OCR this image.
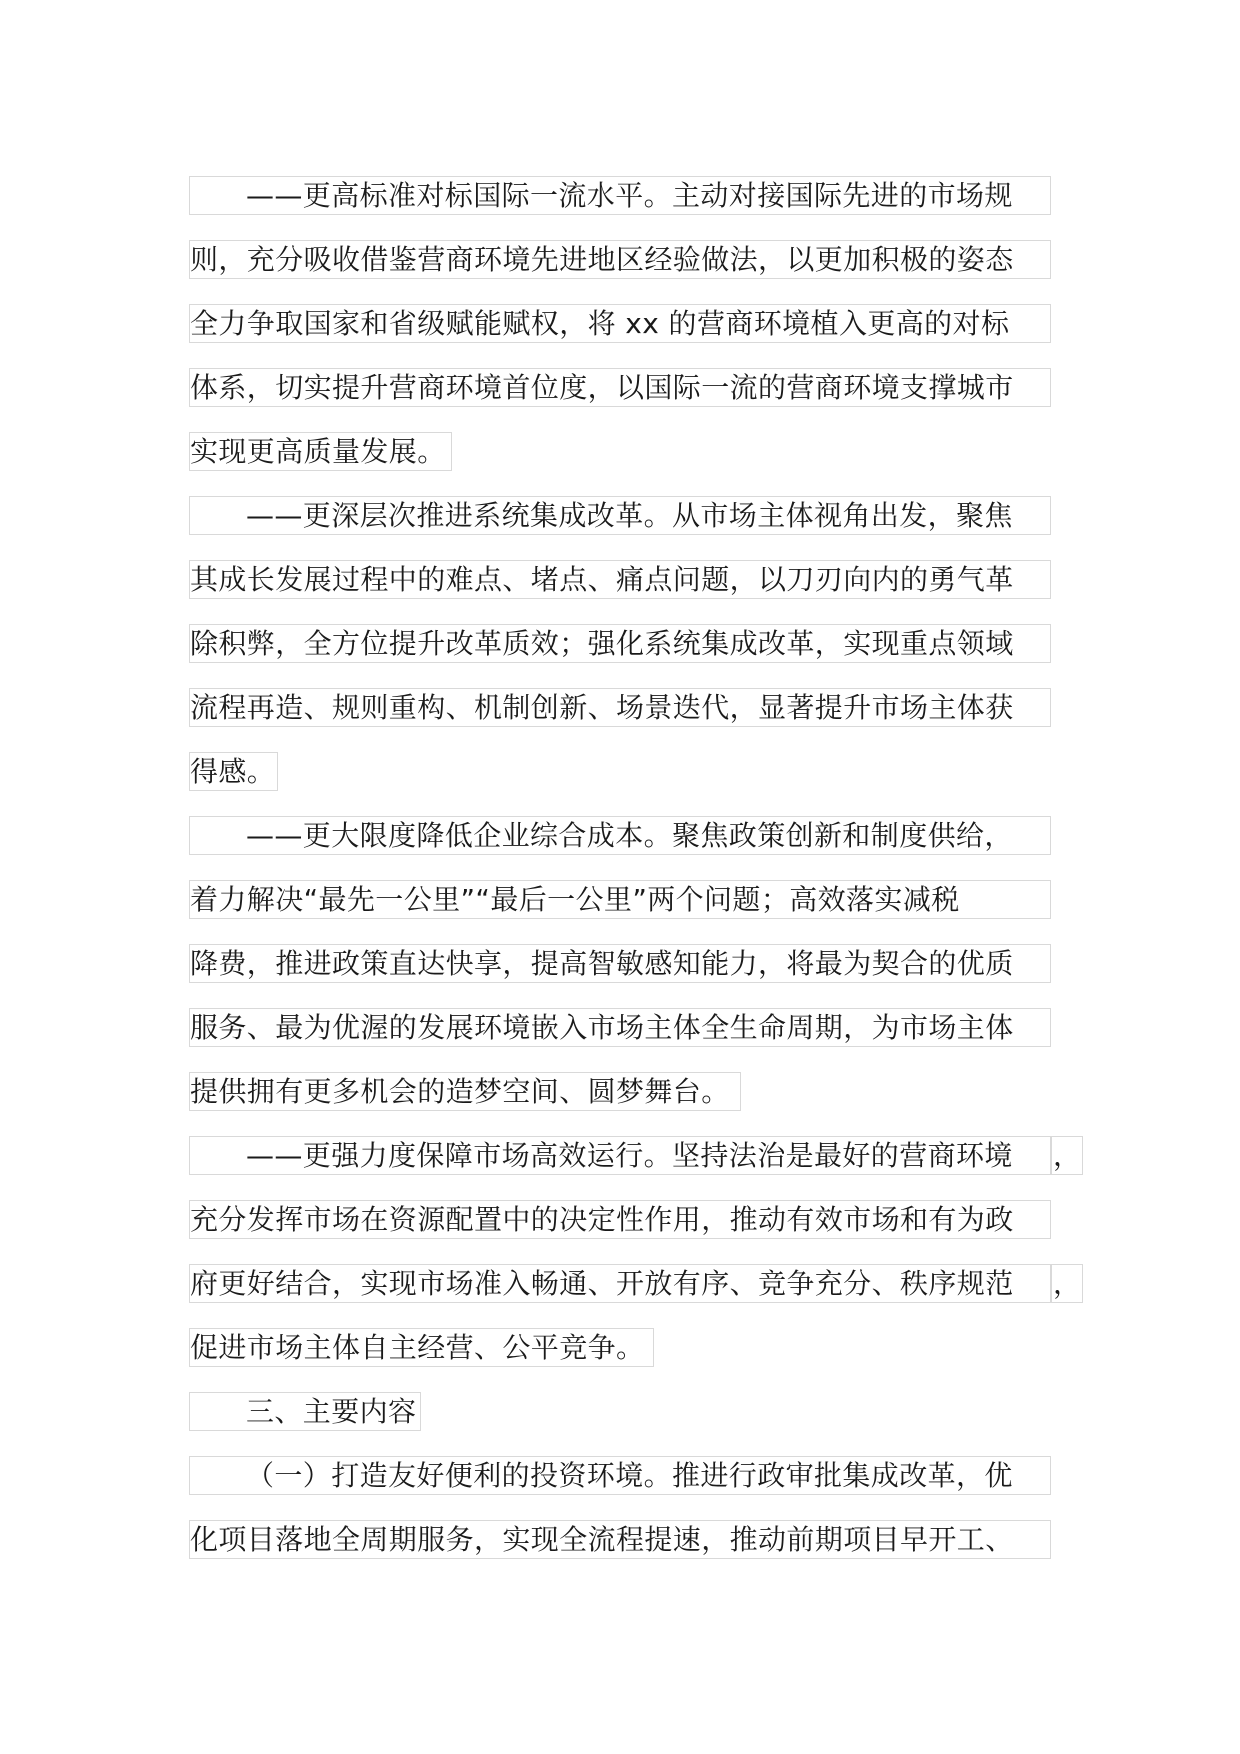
——更高标准对标国际一流水平。主动对接国际先进的市场规
则，充分吸收借鉴营商环境先进地区经验做法，以更加积极的姿态
全力争取国家和省级赋能赋权，将 xx 的营商环境植入更高的对标
体系，切实提升营商环境首位度，以国际一流的营商环境支撑城市
实现更高质量发展。
——更深层次推进系统集成改革。从市场主体视角出发，聚焦
其成长发展过程中的难点、堵点、痛点问题，以刀刃向内的勇气革
除积弊，全方位提升改革质效；强化系统集成改革，实现重点领域
流程再造、规则重构、机制创新、场景迭代，显著提升市场主体获
得感。
——更大限度降低企业综合成本。聚焦政策创新和制度供给，
着力解决“最先一公里”“最后一公里”两个问题；高效落实减税
降费，推进政策直达快享，提高智敏感知能力，将最为契合的优质
服务、最为优渥的发展环境嵌入市场主体全生命周期，为市场主体
提供拥有更多机会的造梦空间、圆梦舞台。
——更强力度保障市场高效运行。坚持法治是最好的营商环境	，
充分发挥市场在资源配置中的决定性作用，推动有效市场和有为政
府更好结合，实现市场准入畅通、开放有序、竞争充分、秩序规范	，
促进市场主体自主经营、公平竞争。
三、主要内容
（一）打造友好便利的投资环境。推进行政审批集成改革，优
化项目落地全周期服务，实现全流程提速，推动前期项目早开工、
